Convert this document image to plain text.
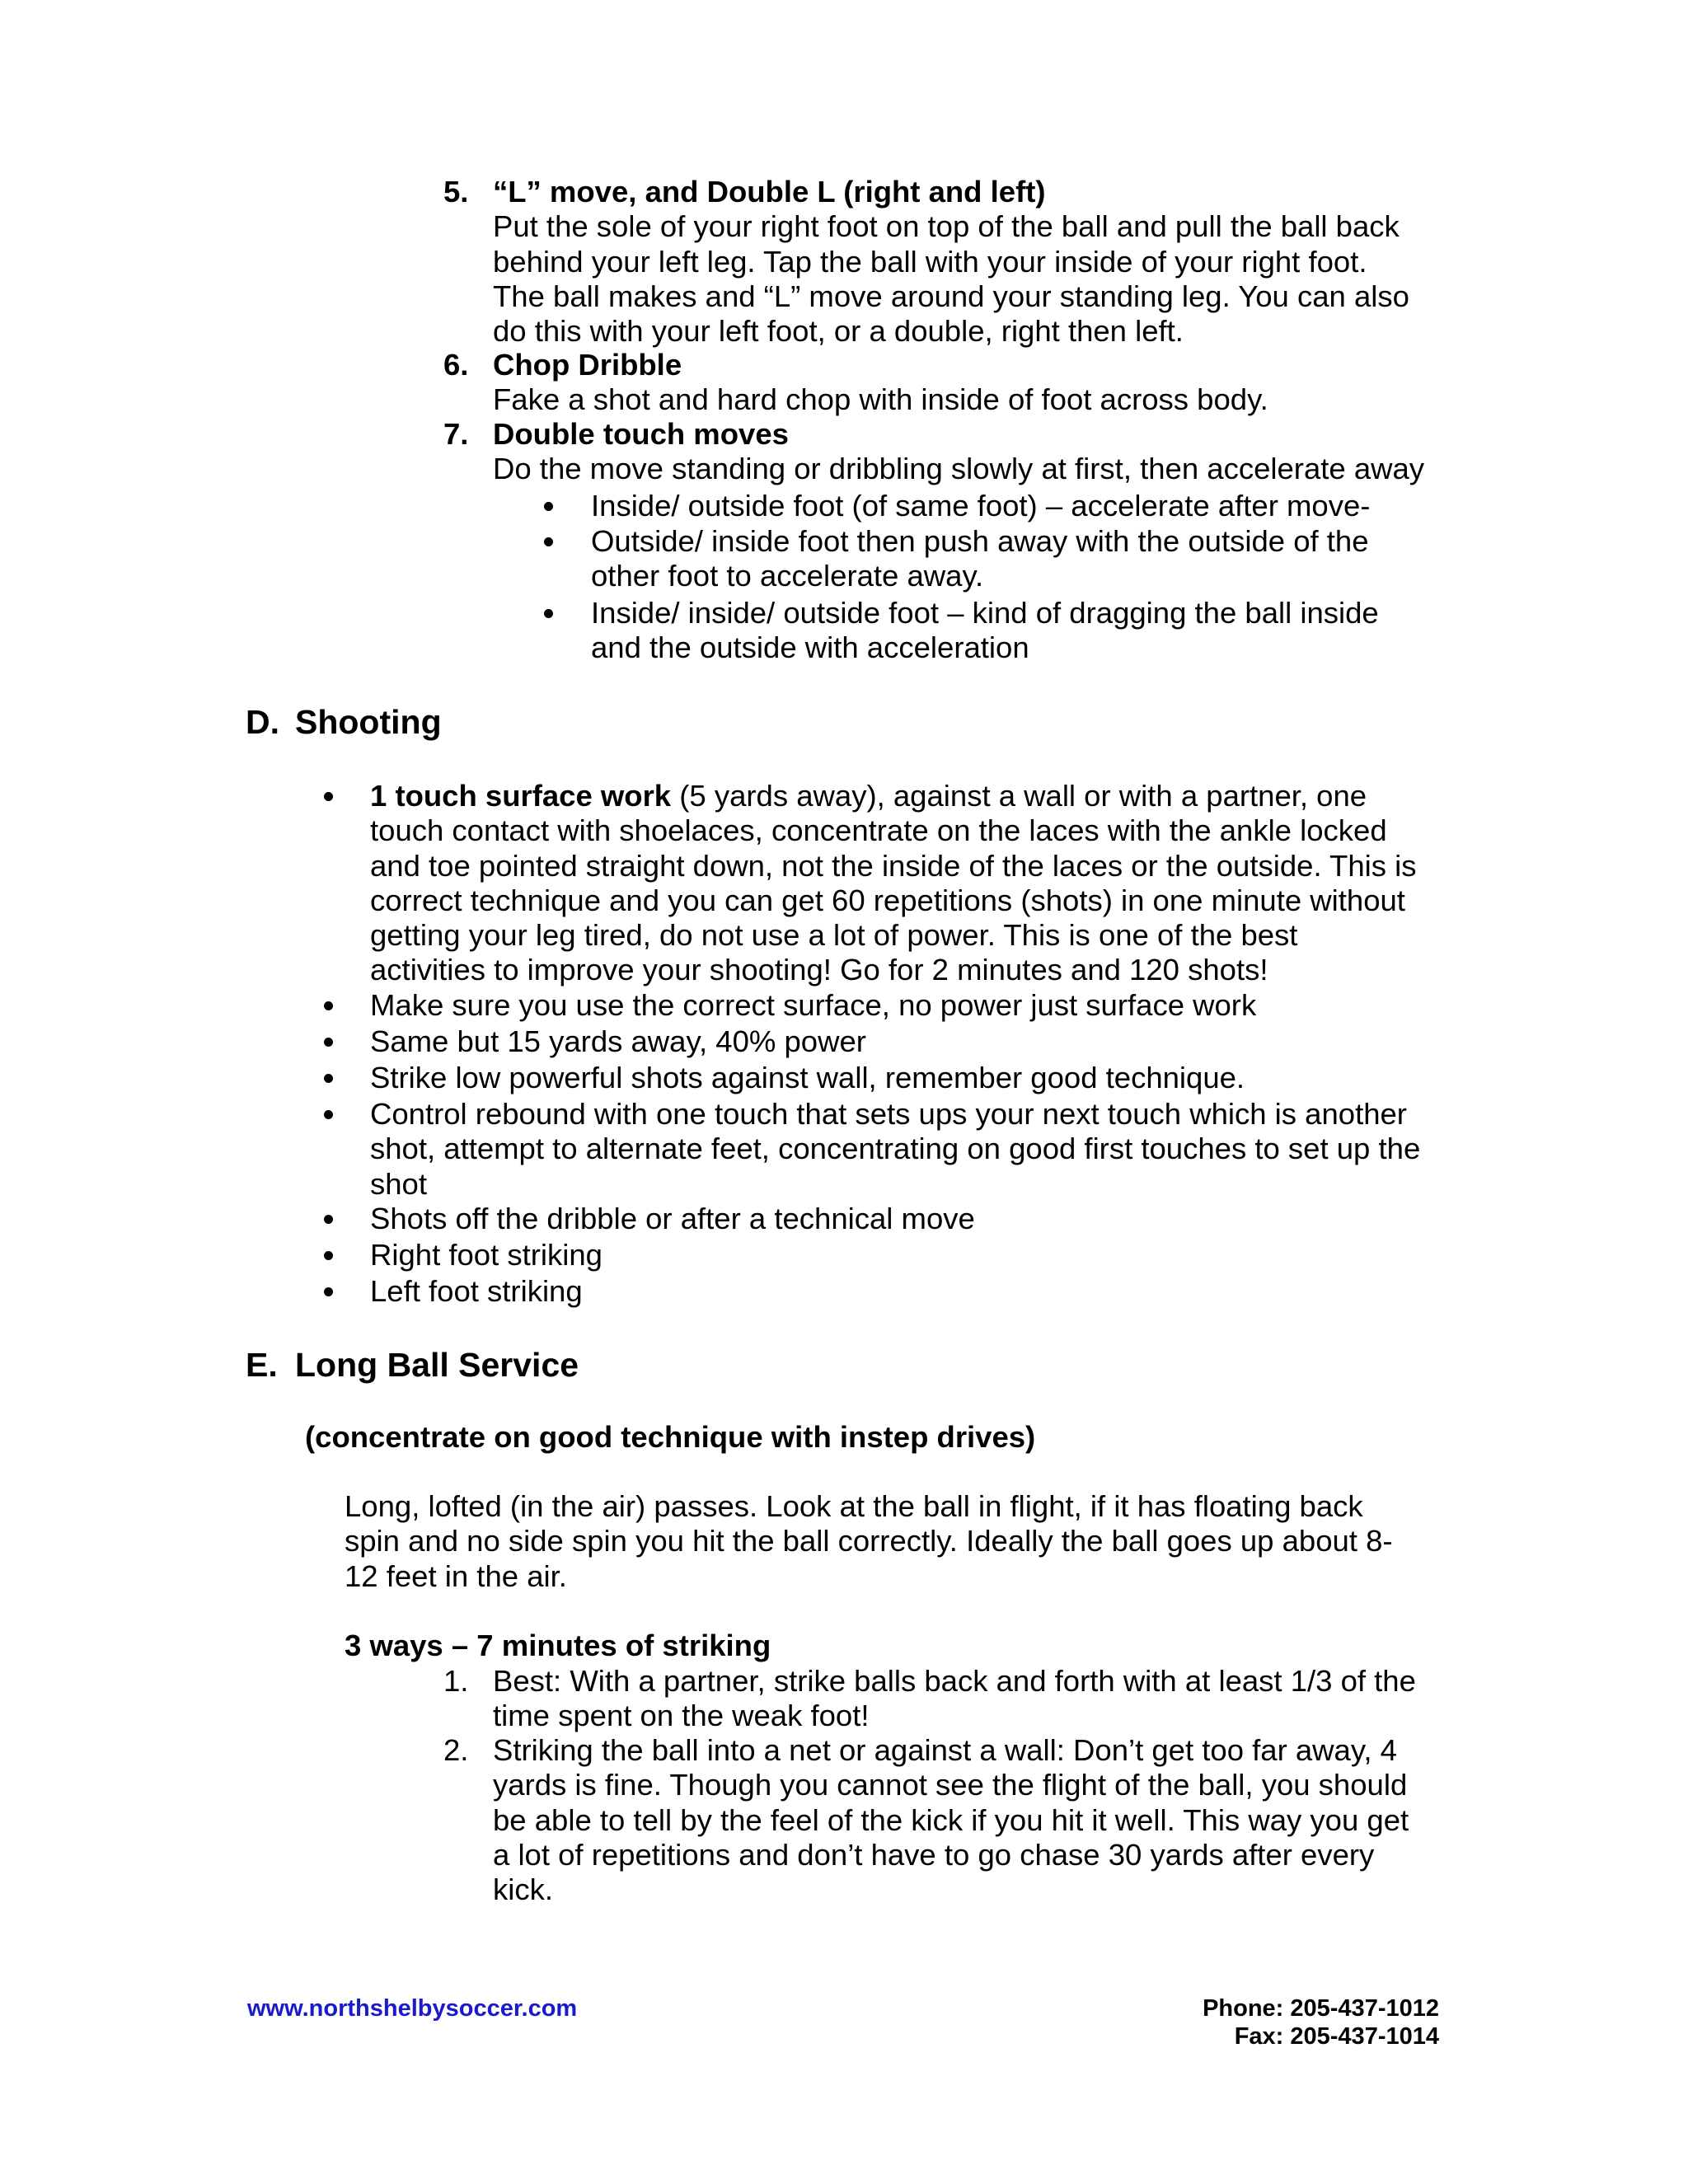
5. “L” move, and Double L (right and left)

Put the sole of your right foot on top of the ball and pull the ball back

behind your left leg. Tap the ball with your inside of your right foot.

The ball makes and “L” move around your standing leg. You can also

do this with your left foot, or a double, right then left.

6. Chop Dribble

Fake a shot and hard chop with inside of foot across body.

7. Double touch moves

Do the move standing or dribbling slowly at first, then accelerate away

Inside/ outside foot (of same foot) – accelerate after move-

Outside/ inside foot then push away with the outside of the

other foot to accelerate away.

Inside/ inside/ outside foot – kind of dragging the ball inside

and the outside with acceleration

D. Shooting

1 touch surface work (5 yards away), against a wall or with a partner, one

touch contact with shoelaces, concentrate on the laces with the ankle locked

and toe pointed straight down, not the inside of the laces or the outside. This is

correct technique and you can get 60 repetitions (shots) in one minute without

getting your leg tired, do not use a lot of power. This is one of the best

activities to improve your shooting! Go for 2 minutes and 120 shots!

Make sure you use the correct surface, no power just surface work

Same but 15 yards away, 40% power

Strike low powerful shots against wall, remember good technique.

Control rebound with one touch that sets ups your next touch which is another

shot, attempt to alternate feet, concentrating on good first touches to set up the

shot

Shots off the dribble or after a technical move

Right foot striking

Left foot striking

E. Long Ball Service

(concentrate on good technique with instep drives)

Long, lofted (in the air) passes. Look at the ball in flight, if it has floating back

spin and no side spin you hit the ball correctly. Ideally the ball goes up about 8-

12 feet in the air.

3 ways – 7 minutes of striking

1. Best: With a partner, strike balls back and forth with at least 1/3 of the

time spent on the weak foot!

2. Striking the ball into a net or against a wall: Don’t get too far away, 4

yards is fine. Though you cannot see the flight of the ball, you should

be able to tell by the feel of the kick if you hit it well. This way you get

a lot of repetitions and don’t have to go chase 30 yards after every

kick.

www.northshelbysoccer.com	Phone: 205-437-1012

Fax: 205-437-1014
